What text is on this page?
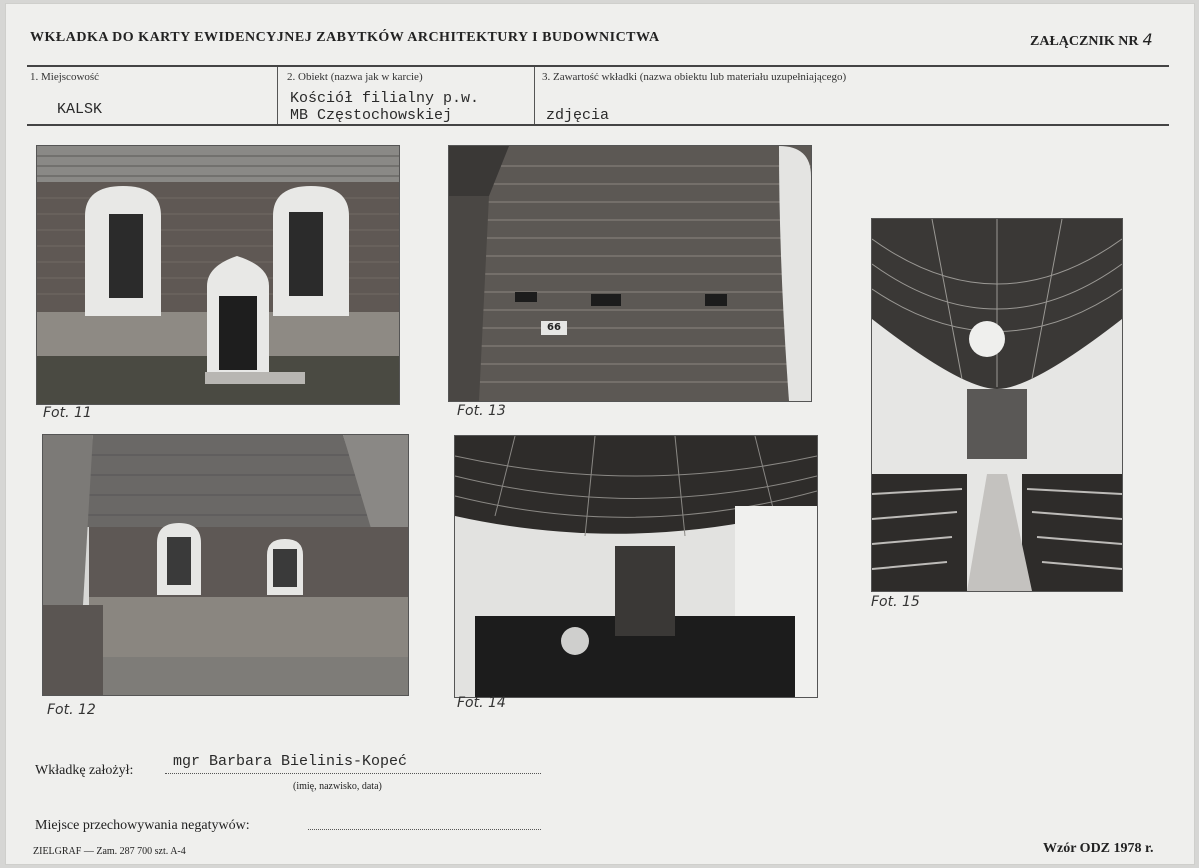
WKŁADKA DO KARTY EWIDENCYJNEJ ZABYTKÓW ARCHITEKTURY I BUDOWNICTWA	ZAŁĄCZNIK NR 4
1. Miejscowość
KALSK
2. Obiekt (nazwa jak w karcie)
Kościół filialny p.w.
MB Częstochowskiej
3. Zawartość wkładki (nazwa obiektu lub materiału uzupełniającego)
zdjęcia
Fot. 11
66
Fot. 13
Fot. 12	Fot. 14
Fot. 15
Wkładkę założył:
mgr Barbara Bielinis-Kopeć
(imię, nazwisko, data)
Miejsce przechowywania negatywów:
ZIELGRAF — Zam. 287 700 szt. A-4	Wzór ODZ 1978 r.
